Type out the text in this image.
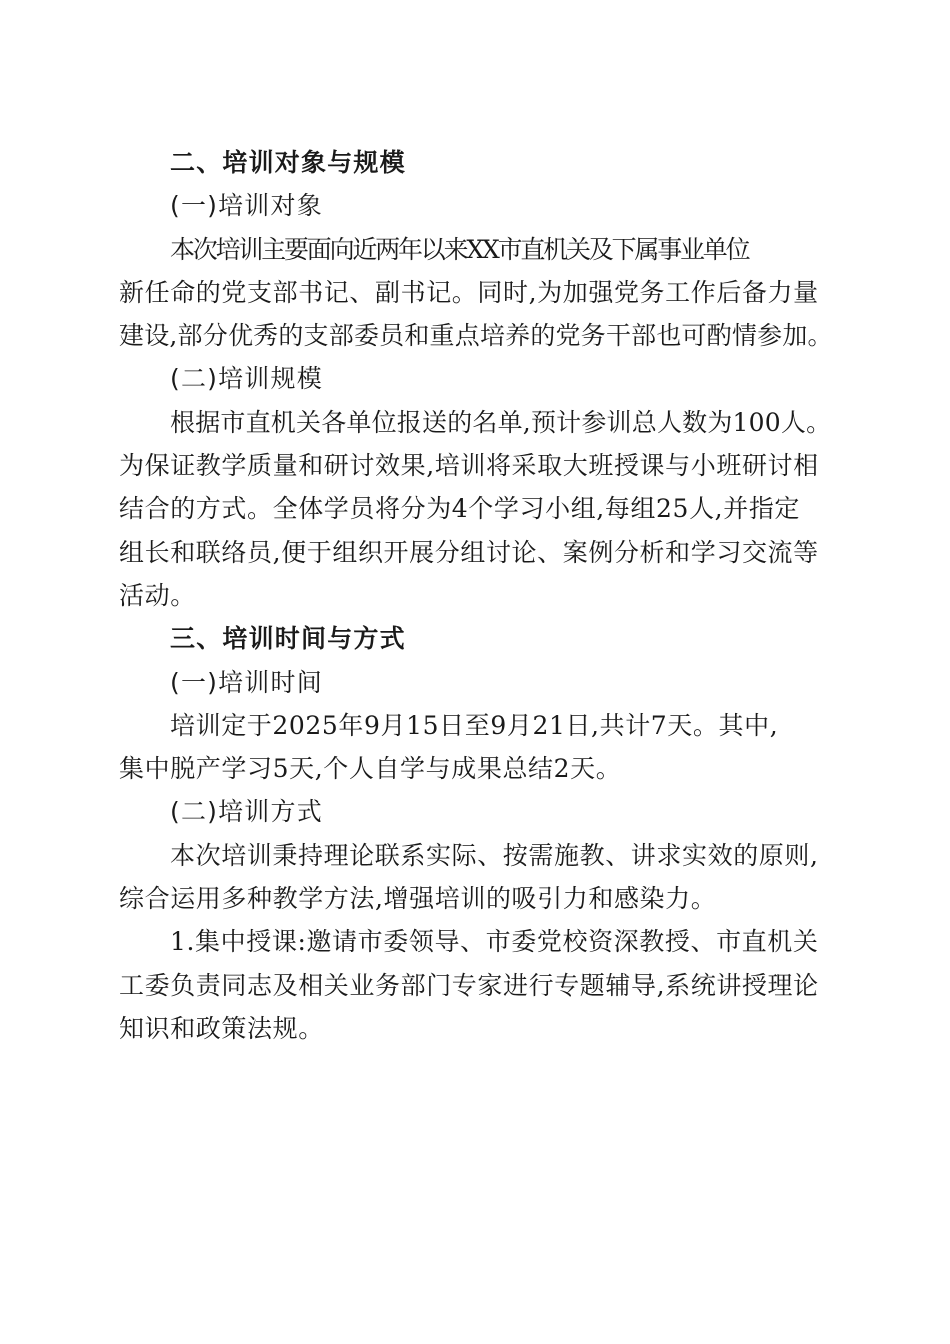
二、培训对象与规模
(一)培训对象
本次培训主要面向近两年以来XX市直机关及下属事业单位
新任命的党支部书记、副书记。同时,为加强党务工作后备力量
建设,部分优秀的支部委员和重点培养的党务干部也可酌情参加。
(二)培训规模
根据市直机关各单位报送的名单,预计参训总人数为100人。
为保证教学质量和研讨效果,培训将采取大班授课与小班研讨相
结合的方式。全体学员将分为4个学习小组,每组25人,并指定
组长和联络员,便于组织开展分组讨论、案例分析和学习交流等
活动。
三、培训时间与方式
(一)培训时间
培训定于2025年9月15日至9月21日,共计7天。其中,
集中脱产学习5天,个人自学与成果总结2天。
(二)培训方式
本次培训秉持理论联系实际、按需施教、讲求实效的原则,
综合运用多种教学方法,增强培训的吸引力和感染力。
1.集中授课:邀请市委领导、市委党校资深教授、市直机关
工委负责同志及相关业务部门专家进行专题辅导,系统讲授理论
知识和政策法规。
